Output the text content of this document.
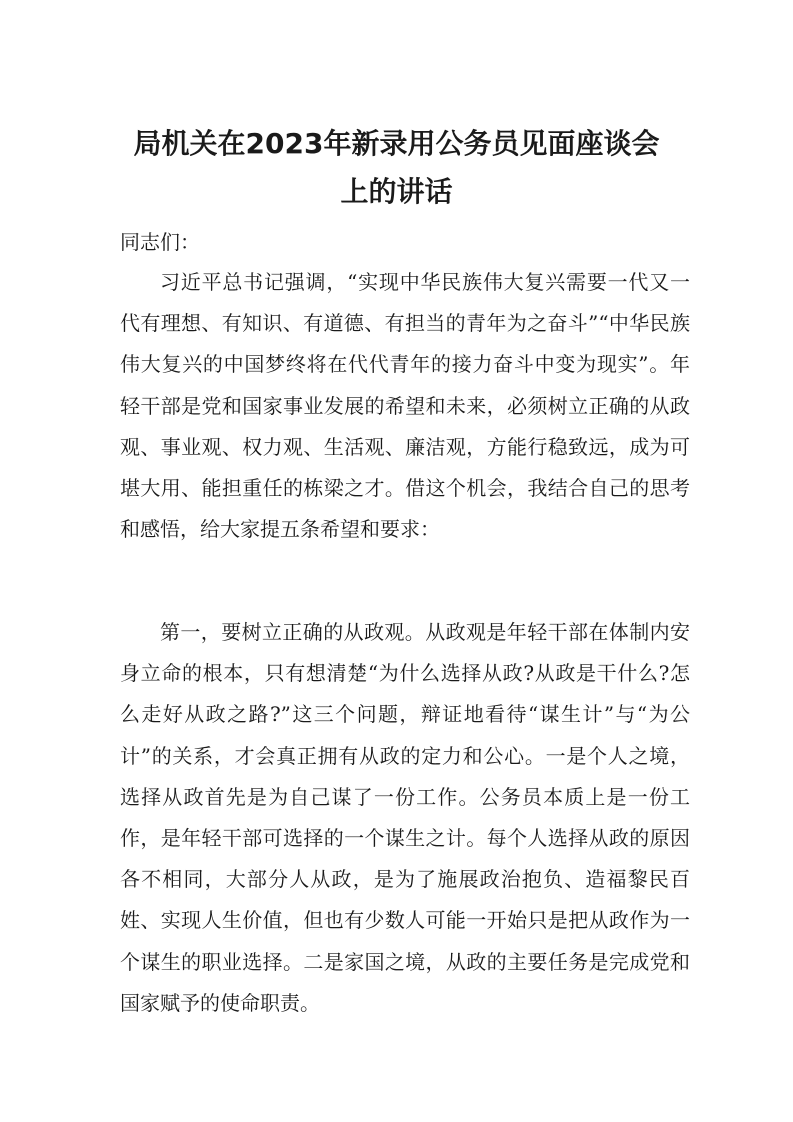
局机关在2023年新录用公务员见面座谈会
上的讲话

同志们：

习近平总书记强调，“实现中华民族伟大复兴需要一代又一代有理想、有知识、有道德、有担当的青年为之奋斗”“中华民族伟大复兴的中国梦终将在代代青年的接力奋斗中变为现实”。年轻干部是党和国家事业发展的希望和未来，必须树立正确的从政观、事业观、权力观、生活观、廉洁观，方能行稳致远，成为可堪大用、能担重任的栋梁之才。借这个机会，我结合自己的思考和感悟，给大家提五条希望和要求：

第一，要树立正确的从政观。从政观是年轻干部在体制内安身立命的根本，只有想清楚“为什么选择从政?从政是干什么?怎么走好从政之路?”这三个问题，辩证地看待“谋生计”与“为公计”的关系，才会真正拥有从政的定力和公心。一是个人之境，选择从政首先是为自己谋了一份工作。公务员本质上是一份工作，是年轻干部可选择的一个谋生之计。每个人选择从政的原因各不相同，大部分人从政，是为了施展政治抱负、造福黎民百姓、实现人生价值，但也有少数人可能一开始只是把从政作为一个谋生的职业选择。二是家国之境，从政的主要任务是完成党和国家赋予的使命职责。
